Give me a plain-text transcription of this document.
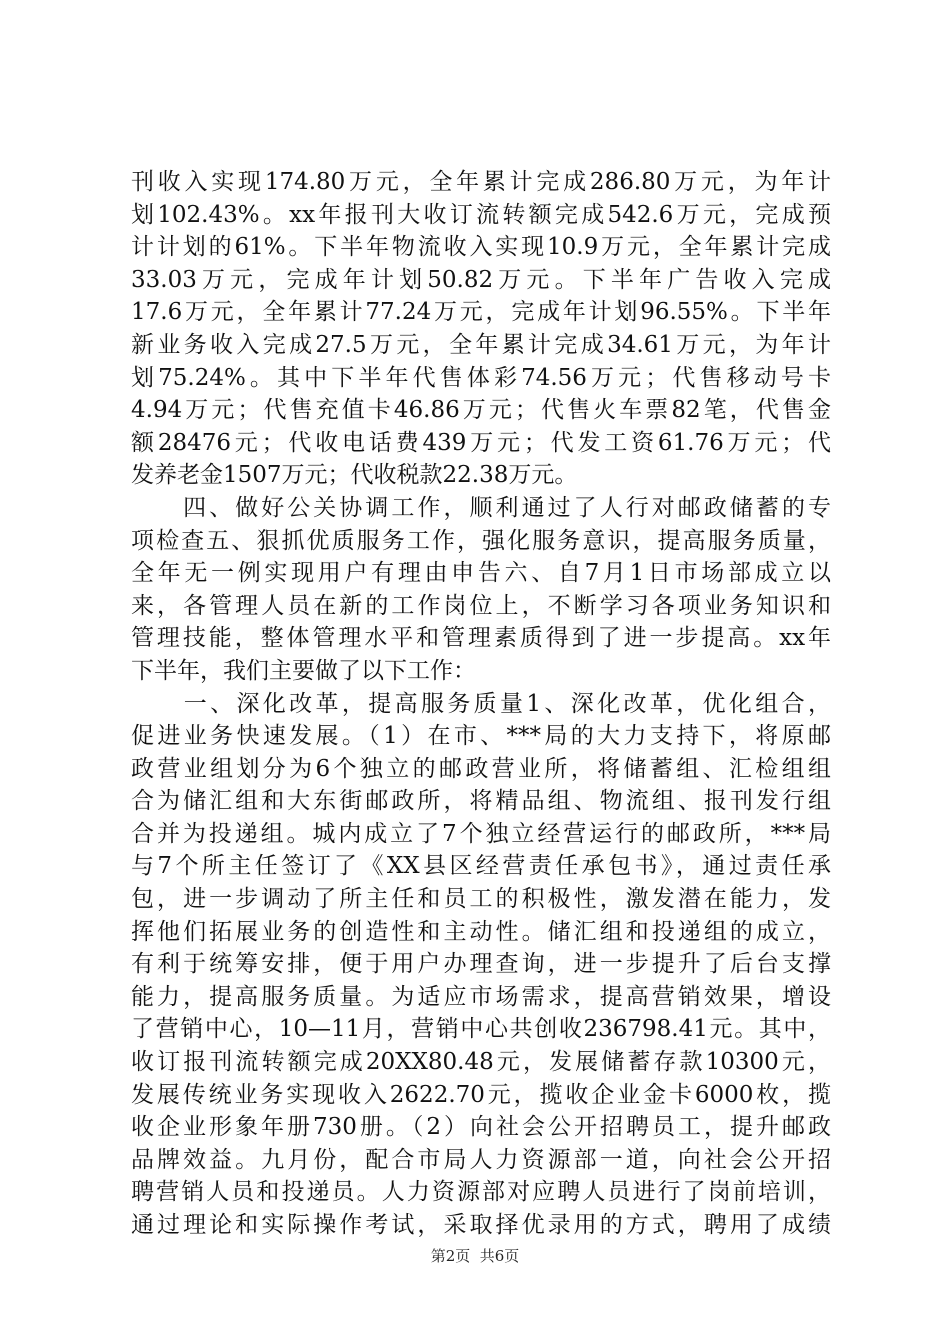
刊收入实现174.80万元，全年累计完成286.80万元，为年计
划102.43%。xx年报刊大收订流转额完成542.6万元，完成预
计计划的61%。下半年物流收入实现10.9万元，全年累计完成
33.03万元，完成年计划50.82万元。下半年广告收入完成
17.6万元，全年累计77.24万元，完成年计划96.55%。下半年
新业务收入完成27.5万元，全年累计完成34.61万元，为年计
划75.24%。其中下半年代售体彩74.56万元；代售移动号卡
4.94万元；代售充值卡46.86万元；代售火车票82笔，代售金
额28476元；代收电话费439万元；代发工资61.76万元；代
发养老金1507万元；代收税款22.38万元。
　　四、做好公关协调工作，顺利通过了人行对邮政储蓄的专
项检查五、狠抓优质服务工作，强化服务意识，提高服务质量，
全年无一例实现用户有理由申告六、自7月1日市场部成立以
来，各管理人员在新的工作岗位上，不断学习各项业务知识和
管理技能，整体管理水平和管理素质得到了进一步提高。xx年
下半年，我们主要做了以下工作：
　　一、深化改革，提高服务质量1、深化改革，优化组合，
促进业务快速发展。（1）在市、***局的大力支持下，将原邮
政营业组划分为6个独立的邮政营业所，将储蓄组、汇检组组
合为储汇组和大东街邮政所，将精品组、物流组、报刊发行组
合并为投递组。城内成立了7个独立经营运行的邮政所，***局
与7个所主任签订了《XX县区经营责任承包书》，通过责任承
包，进一步调动了所主任和员工的积极性，激发潜在能力，发
挥他们拓展业务的创造性和主动性。储汇组和投递组的成立，
有利于统筹安排，便于用户办理查询，进一步提升了后台支撑
能力，提高服务质量。为适应市场需求，提高营销效果，增设
了营销中心，10—11月，营销中心共创收236798.41元。其中，
收订报刊流转额完成20XX80.48元，发展储蓄存款10300元，
发展传统业务实现收入2622.70元，揽收企业金卡6000枚，揽
收企业形象年册730册。（2）向社会公开招聘员工，提升邮政
品牌效益。九月份，配合市局人力资源部一道，向社会公开招
聘营销人员和投递员。人力资源部对应聘人员进行了岗前培训，
通过理论和实际操作考试，采取择优录用的方式，聘用了成绩
第2页  共6页
